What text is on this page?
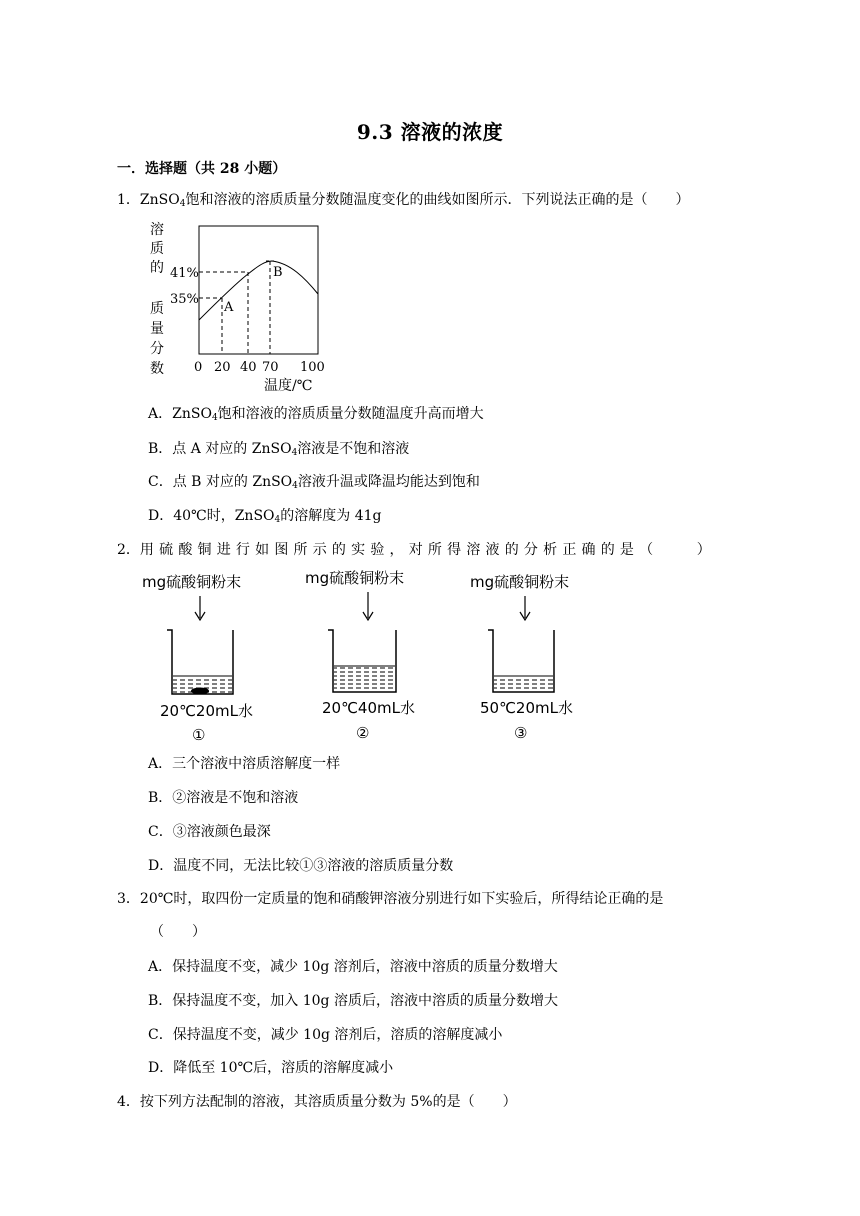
9.3 溶液的浓度
一．选择题（共 28 小题）
1．ZnSO$_4$饱和溶液的溶质质量分数随温度变化的曲线如图所示．下列说法正确的是（　　）
溶
质
的
质
量
分
数
41%
35%
A
B
0 20 40 70 100
温度/℃
A．ZnSO$_4$饱和溶液的溶质质量分数随温度升高而增大
B．点 A 对应的 ZnSO$_4$溶液是不饱和溶液
C．点 B 对应的 ZnSO$_4$溶液升温或降温均能达到饱和
D．40℃时，ZnSO$_4$的溶解度为 41g
2．用硫酸铜进行如图所示的实验，对所得溶液的分析正确的是（　　）
mg硫酸铜粉末
20℃20mL水
①
mg硫酸铜粉末
20℃40mL水
②
mg硫酸铜粉末
50℃20mL水
③
A．三个溶液中溶质溶解度一样
B．②溶液是不饱和溶液
C．③溶液颜色最深
D．温度不同，无法比较①③溶液的溶质质量分数
3．20℃时，取四份一定质量的饱和硝酸钾溶液分别进行如下实验后，所得结论正确的是
（　　）
A．保持温度不变，减少 10g 溶剂后，溶液中溶质的质量分数增大
B．保持温度不变，加入 10g 溶质后，溶液中溶质的质量分数增大
C．保持温度不变，减少 10g 溶剂后，溶质的溶解度减小
D．降低至 10℃后，溶质的溶解度减小
4．按下列方法配制的溶液，其溶质质量分数为 5%的是（　　）
